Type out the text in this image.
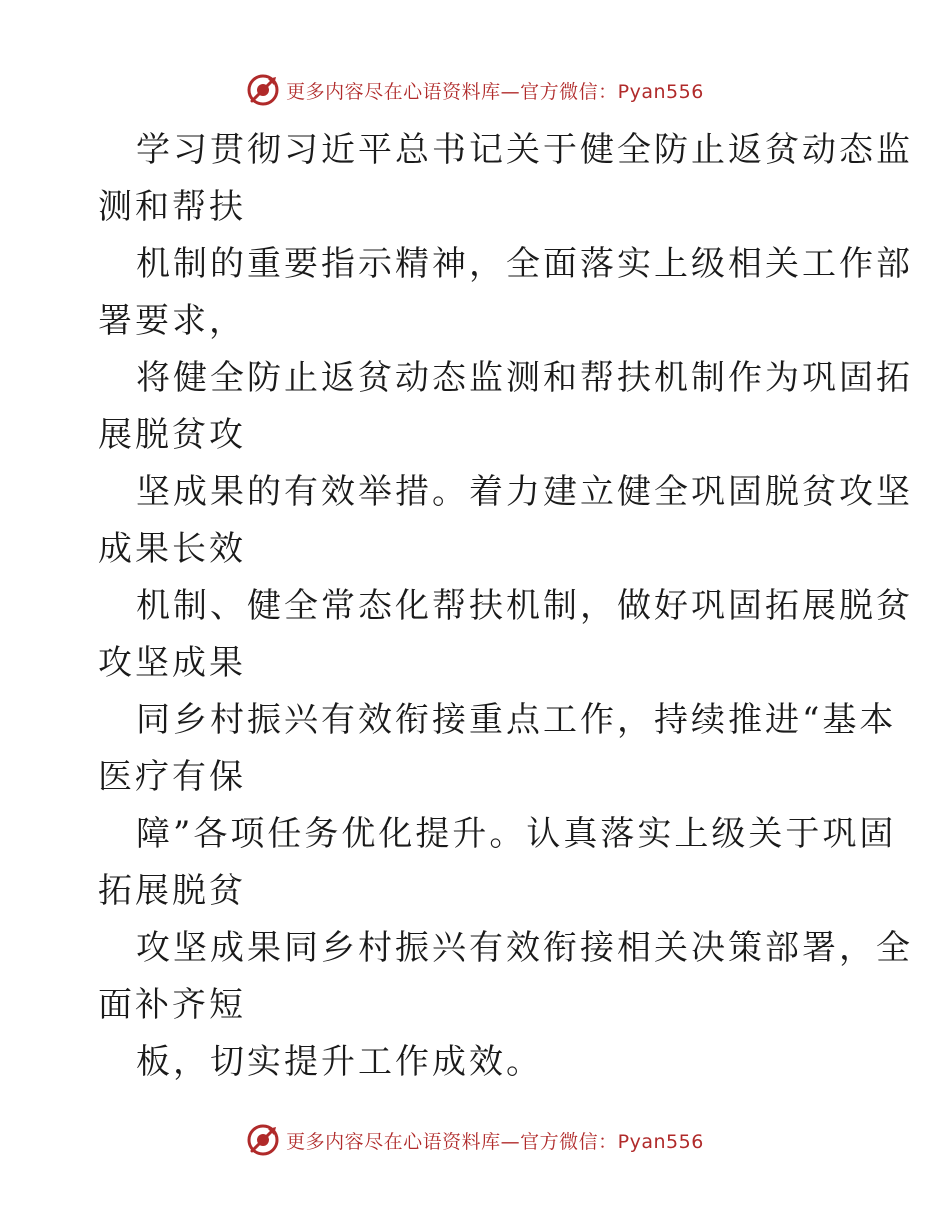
更多内容尽在心语资料库—官方微信：Pyan556

学习贯彻习近平总书记关于健全防止返贫动态监

测和帮扶

机制的重要指示精神，全面落实上级相关工作部

署要求，

将健全防止返贫动态监测和帮扶机制作为巩固拓

展脱贫攻

坚成果的有效举措。着力建立健全巩固脱贫攻坚

成果长效

机制、健全常态化帮扶机制，做好巩固拓展脱贫

攻坚成果

同乡村振兴有效衔接重点工作，持续推进“基本

医疗有保

障”各项任务优化提升。认真落实上级关于巩固

拓展脱贫

攻坚成果同乡村振兴有效衔接相关决策部署，全

面补齐短

板，切实提升工作成效。

更多内容尽在心语资料库—官方微信：Pyan556
